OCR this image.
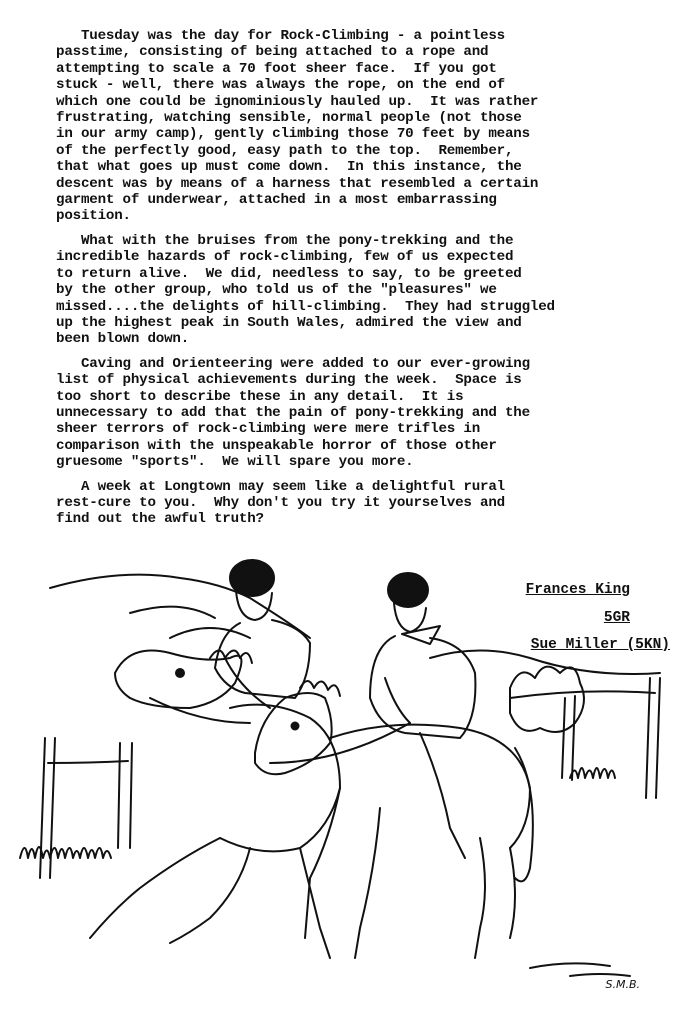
Tuesday was the day for Rock-Climbing - a pointless
passtime, consisting of being attached to a rope and
attempting to scale a 70 foot sheer face.  If you got
stuck - well, there was always the rope, on the end of
which one could be ignominiously hauled up.  It was rather
frustrating, watching sensible, normal people (not those
in our army camp), gently climbing those 70 feet by means
of the perfectly good, easy path to the top.  Remember,
that what goes up must come down.  In this instance, the
descent was by means of a harness that resembled a certain
garment of underwear, attached in a most embarrassing
position.

What with the bruises from the pony-trekking and the
incredible hazards of rock-climbing, few of us expected
to return alive.  We did, needless to say, to be greeted
by the other group, who told us of the "pleasures" we
missed....the delights of hill-climbing.  They had struggled
up the highest peak in South Wales, admired the view and
been blown down.

Caving and Orienteering were added to our ever-growing
list of physical achievements during the week.  Space is
too short to describe these in any detail.  It is
unnecessary to add that the pain of pony-trekking and the
sheer terrors of rock-climbing were mere trifles in
comparison with the unspeakable horror of those other
gruesome "sports".  We will spare you more.

A week at Longtown may seem like a delightful rural
rest-cure to you.  Why don't you try it yourselves and
find out the awful truth?

Frances King
5GR
Sue Miller (5KN)
S.M.B.
